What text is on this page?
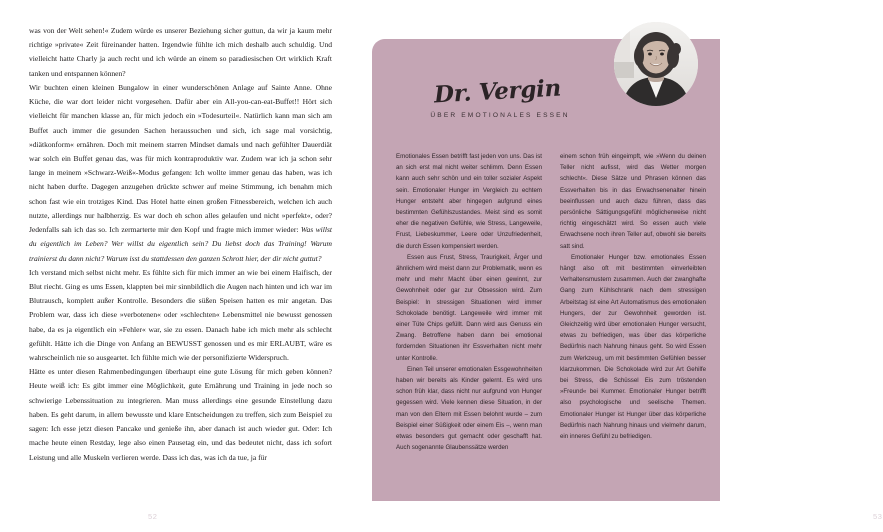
was von der Welt sehen!« Zudem würde es unserer Beziehung sicher guttun, da wir ja kaum mehr richtige »private« Zeit füreinander hatten. Irgendwie fühlte ich mich deshalb auch schuldig. Und vielleicht hatte Charly ja auch recht und ich würde an einem so paradiesischen Ort wirklich Kraft tanken und entspannen können?

Wir buchten einen kleinen Bungalow in einer wunderschönen Anlage auf Sainte Anne. Ohne Küche, die war dort leider nicht vorgesehen. Dafür aber ein All-you-can-eat-Buffet!! Hört sich vielleicht für manchen klasse an, für mich jedoch ein »Todesurteil«. Natürlich kann man sich am Buffet auch immer die gesunden Sachen heraussuchen und sich, ich sage mal vorsichtig, »diätkonform« ernähren. Doch mit meinem starren Mindset damals und nach gefühlter Dauerdiät war solch ein Buffet genau das, was für mich kontraproduktiv war. Zudem war ich ja schon sehr lange in meinem »Schwarz-Weiß«-Modus gefangen: Ich wollte immer genau das haben, was ich nicht haben durfte. Dagegen anzugehen drückte schwer auf meine Stimmung, ich benahm mich schon fast wie ein trotziges Kind. Das Hotel hatte einen großen Fitnessbereich, welchen ich auch nutzte, allerdings nur halbherzig. Es war doch eh schon alles gelaufen und nicht »perfekt«, oder? Jedenfalls sah ich das so. Ich zermarterte mir den Kopf und fragte mich immer wieder: Was willst du eigentlich im Leben? Wer willst du eigentlich sein? Du liebst doch das Training! Warum trainierst du dann nicht? Warum isst du stattdessen den ganzen Schrott hier, der dir nicht guttut?

Ich verstand mich selbst nicht mehr. Es fühlte sich für mich immer an wie bei einem Haifisch, der Blut riecht. Ging es ums Essen, klappten bei mir sinnbildlich die Augen nach hinten und ich war im Blutrausch, komplett außer Kontrolle. Besonders die süßen Speisen hatten es mir angetan. Das Problem war, dass ich diese »verbotenen« oder »schlechten« Lebensmittel nie bewusst genossen habe, da es ja eigentlich ein »Fehler« war, sie zu essen. Danach habe ich mich mehr als schlecht gefühlt. Hätte ich die Dinge von Anfang an BEWUSST genossen und es mir ERLAUBT, wäre es wahrscheinlich nie so ausgeartet. Ich fühlte mich wie der personifizierte Widerspruch.

Hätte es unter diesen Rahmenbedingungen überhaupt eine gute Lösung für mich geben können? Heute weiß ich: Es gibt immer eine Möglichkeit, gute Ernährung und Training in jede noch so schwierige Lebenssituation zu integrieren. Man muss allerdings eine gesunde Einstellung dazu haben. Es geht darum, in allem bewusste und klare Entscheidungen zu treffen, sich zum Beispiel zu sagen: Ich esse jetzt diesen Pancake und genieße ihn, aber danach ist auch wieder gut. Oder: Ich mache heute einen Restday, lege also einen Pausetag ein, und das bedeutet nicht, dass ich sofort Leistung und alle Muskeln verlieren werde. Dass ich das, was ich da tue, ja für

52
Dr. Vergin
ÜBER EMOTIONALES ESSEN

Emotionales Essen betrifft fast jeden von uns. Das ist an sich erst mal nicht weiter schlimm. Denn Essen kann auch sehr schön und ein toller sozialer Aspekt sein. Emotionaler Hunger im Vergleich zu echtem Hunger entsteht aber hingegen aufgrund eines bestimmten Gefühlszustandes. Meist sind es somit eher die negativen Gefühle, wie Stress, Langeweile, Frust, Liebeskummer, Leere oder Unzufriedenheit, die durch Essen kompensiert werden.

Essen aus Frust, Stress, Traurigkeit, Ärger und ähnlichem wird meist dann zur Problematik, wenn es mehr und mehr Macht über einen gewinnt, zur Gewohnheit oder gar zur Obsession wird. Zum Beispiel: In stressigen Situationen wird immer Schokolade benötigt. Langeweile wird immer mit einer Tüte Chips gefüllt. Dann wird aus Genuss ein Zwang. Betroffene haben dann bei emotional fordernden Situationen ihr Essverhalten nicht mehr unter Kontrolle.

Einen Teil unserer emotionalen Essgewohnheiten haben wir bereits als Kinder gelernt. Es wird uns schon früh klar, dass nicht nur aufgrund von Hunger gegessen wird. Viele kennen diese Situation, in der man von den Eltern mit Essen belohnt wurde – zum Beispiel einer Süßigkeit oder einem Eis –, wenn man etwas besonders gut gemacht oder geschafft hat. Auch sogenannte Glaubenssätze werden

einem schon früh eingeimpft, wie »Wenn du deinen Teller nicht aufisst, wird das Wetter morgen schlecht«. Diese Sätze und Phrasen können das Essverhalten bis in das Erwachsenenalter hinein beeinflussen und auch dazu führen, dass das persönliche Sättigungsgefühl möglicherweise nicht richtig eingeschätzt wird. So essen auch viele Erwachsene noch ihren Teller auf, obwohl sie bereits satt sind.

Emotionaler Hunger bzw. emotionales Essen hängt also oft mit bestimmten einverleibten Verhaltensmustern zusammen. Auch der zwanghafte Gang zum Kühlschrank nach dem stressigen Arbeitstag ist eine Art Automatismus des emotionalen Hungers, der zur Gewohnheit geworden ist. Gleichzeitig wird über emotionalen Hunger versucht, etwas zu befriedigen, was über das körperliche Bedürfnis nach Nahrung hinaus geht. So wird Essen zum Werkzeug, um mit bestimmten Gefühlen besser klarzukommen. Die Schokolade wird zur Art Gehilfe bei Stress, die Schüssel Eis zum tröstenden »Freund« bei Kummer. Emotionaler Hunger betrifft also psychologische und seelische Themen. Emotionaler Hunger ist Hunger über das körperliche Bedürfnis nach Nahrung hinaus und vielmehr darum, ein inneres Gefühl zu befriedigen.

53
